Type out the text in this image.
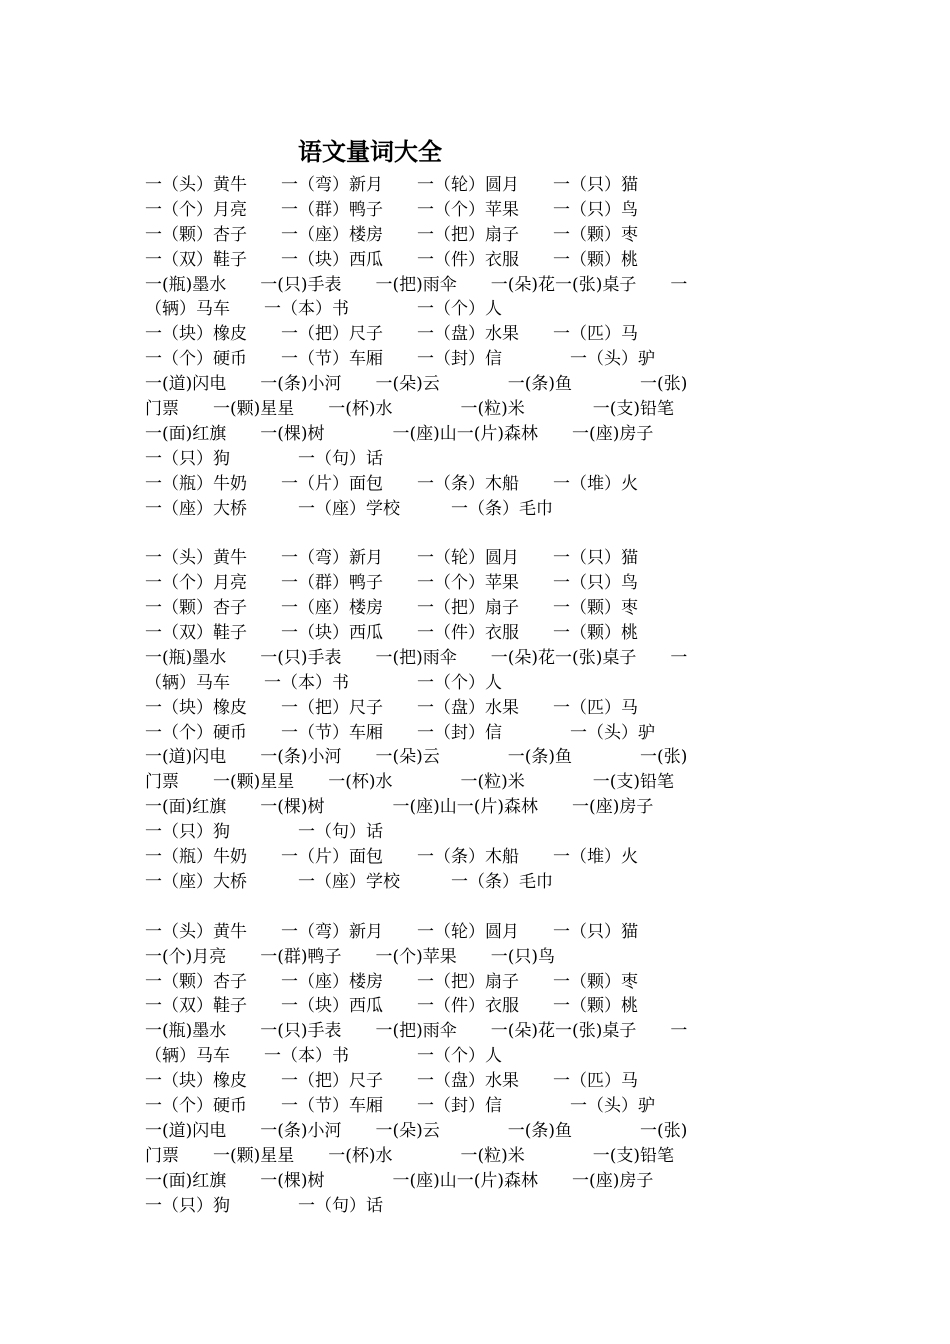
语文量词大全
一（头）黄牛　　一（弯）新月　　一（轮）圆月　　一（只）猫
一（个）月亮　　一（群）鸭子　　一（个）苹果　　一（只）鸟
一（颗）杏子　　一（座）楼房　　一（把）扇子　　一（颗）枣
一（双）鞋子　　一（块）西瓜　　一（件）衣服　　一（颗）桃
一(瓶)墨水　　一(只)手表　　一(把)雨伞　　一(朵)花一(张)桌子　　一
（辆）马车　　一（本）书　　　　一（个）人
一（块）橡皮　　一（把）尺子　　一（盘）水果　　一（匹）马
一（个）硬币　　一（节）车厢　　一（封）信　　　　一（头）驴
一(道)闪电　　一(条)小河　　一(朵)云　　　　一(条)鱼　　　　一(张)
门票　　一(颗)星星　　一(杯)水　　　　一(粒)米　　　　一(支)铅笔
一(面)红旗　　一(棵)树　　　　一(座)山一(片)森林　　一(座)房子
一（只）狗　　　　一（句）话
一（瓶）牛奶　　一（片）面包　　一（条）木船　　一（堆）火
一（座）大桥　　　一（座）学校　　　一（条）毛巾
一（头）黄牛　　一（弯）新月　　一（轮）圆月　　一（只）猫
一（个）月亮　　一（群）鸭子　　一（个）苹果　　一（只）鸟
一（颗）杏子　　一（座）楼房　　一（把）扇子　　一（颗）枣
一（双）鞋子　　一（块）西瓜　　一（件）衣服　　一（颗）桃
一(瓶)墨水　　一(只)手表　　一(把)雨伞　　一(朵)花一(张)桌子　　一
（辆）马车　　一（本）书　　　　一（个）人
一（块）橡皮　　一（把）尺子　　一（盘）水果　　一（匹）马
一（个）硬币　　一（节）车厢　　一（封）信　　　　一（头）驴
一(道)闪电　　一(条)小河　　一(朵)云　　　　一(条)鱼　　　　一(张)
门票　　一(颗)星星　　一(杯)水　　　　一(粒)米　　　　一(支)铅笔
一(面)红旗　　一(棵)树　　　　一(座)山一(片)森林　　一(座)房子
一（只）狗　　　　一（句）话
一（瓶）牛奶　　一（片）面包　　一（条）木船　　一（堆）火
一（座）大桥　　　一（座）学校　　　一（条）毛巾
一（头）黄牛　　一（弯）新月　　一（轮）圆月　　一（只）猫
一(个)月亮　　一(群)鸭子　　一(个)苹果　　一(只)鸟
一（颗）杏子　　一（座）楼房　　一（把）扇子　　一（颗）枣
一（双）鞋子　　一（块）西瓜　　一（件）衣服　　一（颗）桃
一(瓶)墨水　　一(只)手表　　一(把)雨伞　　一(朵)花一(张)桌子　　一
（辆）马车　　一（本）书　　　　一（个）人
一（块）橡皮　　一（把）尺子　　一（盘）水果　　一（匹）马
一（个）硬币　　一（节）车厢　　一（封）信　　　　一（头）驴
一(道)闪电　　一(条)小河　　一(朵)云　　　　一(条)鱼　　　　一(张)
门票　　一(颗)星星　　一(杯)水　　　　一(粒)米　　　　一(支)铅笔
一(面)红旗　　一(棵)树　　　　一(座)山一(片)森林　　一(座)房子
一（只）狗　　　　一（句）话
